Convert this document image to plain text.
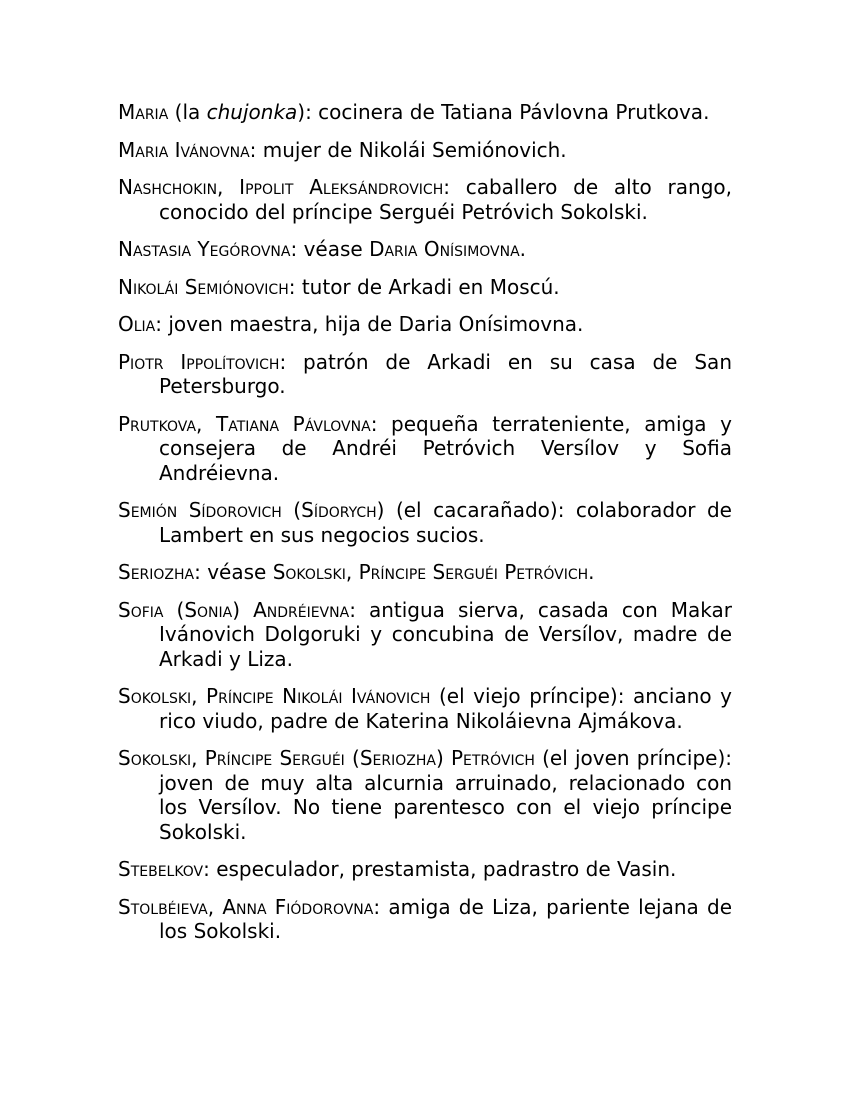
Maria (la chujonka): cocinera de Tatiana Pávlovna Prutkova.

Maria Ivánovna: mujer de Nikolái Semiónovich.

Nashchokin, Ippolit Aleksándrovich: caballero de alto rango, conocido del príncipe Serguéi Petróvich Sokolski.

Nastasia Yegórovna: véase Daria Onísimovna.

Nikolái Semiónovich: tutor de Arkadi en Moscú.

Olia: joven maestra, hija de Daria Onísimovna.

Piotr Ippolítovich: patrón de Arkadi en su casa de San Petersburgo.

Prutkova, Tatiana Pávlovna: pequeña terrateniente, amiga y consejera de Andréi Petróvich Versílov y Sofia Andréievna.

Semión Sídorovich (Sídorych) (el cacarañado): colaborador de Lambert en sus negocios sucios.

Seriozha: véase Sokolski, Príncipe Serguéi Petróvich.

Sofia (Sonia) Andréievna: antigua sierva, casada con Makar Ivánovich Dolgoruki y concubina de Versílov, madre de Arkadi y Liza.

Sokolski, Príncipe Nikolái Ivánovich (el viejo príncipe): anciano y rico viudo, padre de Katerina Nikoláievna Ajmákova.

Sokolski, Príncipe Serguéi (Seriozha) Petróvich (el joven príncipe): joven de muy alta alcurnia arruinado, relacionado con los Versílov. No tiene parentesco con el viejo príncipe Sokolski.

Stebelkov: especulador, prestamista, padrastro de Vasin.

Stolbéieva, Anna Fiódorovna: amiga de Liza, pariente lejana de los Sokolski.
